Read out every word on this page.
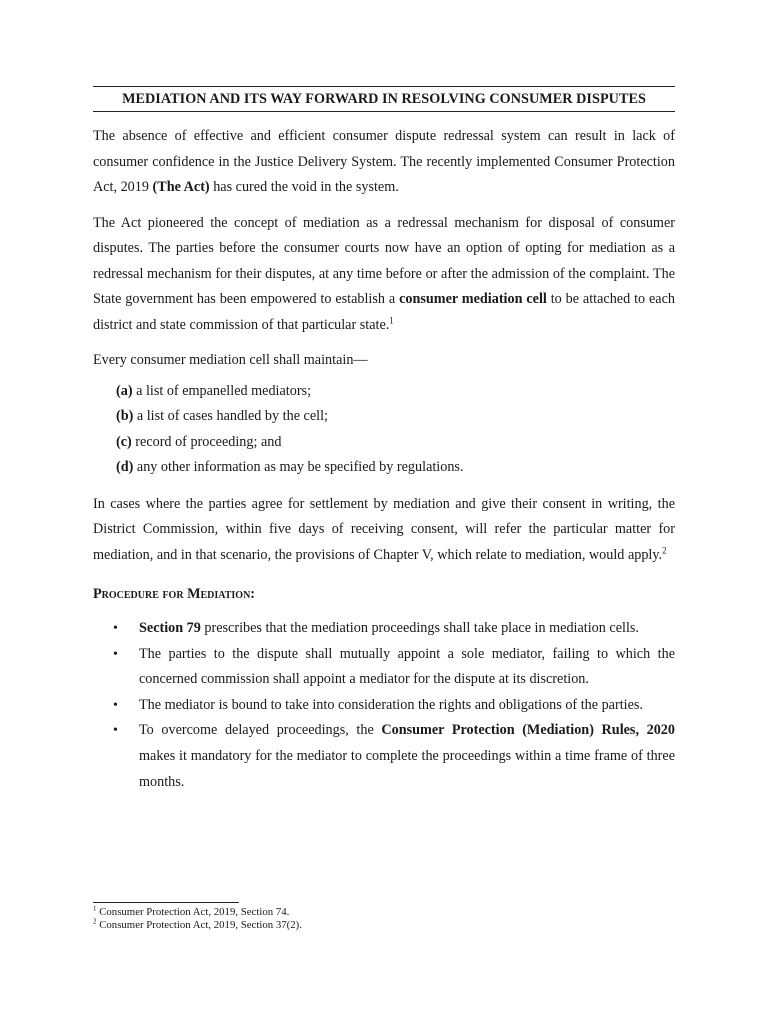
MEDIATION AND ITS WAY FORWARD IN RESOLVING CONSUMER DISPUTES

The absence of effective and efficient consumer dispute redressal system can result in lack of consumer confidence in the Justice Delivery System. The recently implemented Consumer Protection Act, 2019 (The Act) has cured the void in the system.

The Act pioneered the concept of mediation as a redressal mechanism for disposal of consumer disputes. The parties before the consumer courts now have an option of opting for mediation as a redressal mechanism for their disputes, at any time before or after the admission of the complaint. The State government has been empowered to establish a consumer mediation cell to be attached to each district and state commission of that particular state.$^1$

Every consumer mediation cell shall maintain—

(a) a list of empanelled mediators;
(b) a list of cases handled by the cell;
(c) record of proceeding; and
(d) any other information as may be specified by regulations.

In cases where the parties agree for settlement by mediation and give their consent in writing, the District Commission, within five days of receiving consent, will refer the particular matter for mediation, and in that scenario, the provisions of Chapter V, which relate to mediation, would apply.$^2$

Procedure for Mediation:
• Section 79 prescribes that the mediation proceedings shall take place in mediation cells.

• The parties to the dispute shall mutually appoint a sole mediator, failing to which the concerned commission shall appoint a mediator for the dispute at its discretion.

• The mediator is bound to take into consideration the rights and obligations of the parties.

• To overcome delayed proceedings, the Consumer Protection (Mediation) Rules, 2020 makes it mandatory for the mediator to complete the proceedings within a time frame of three months.

$^1$ Consumer Protection Act, 2019, Section 74.
$^2$ Consumer Protection Act, 2019, Section 37(2).
